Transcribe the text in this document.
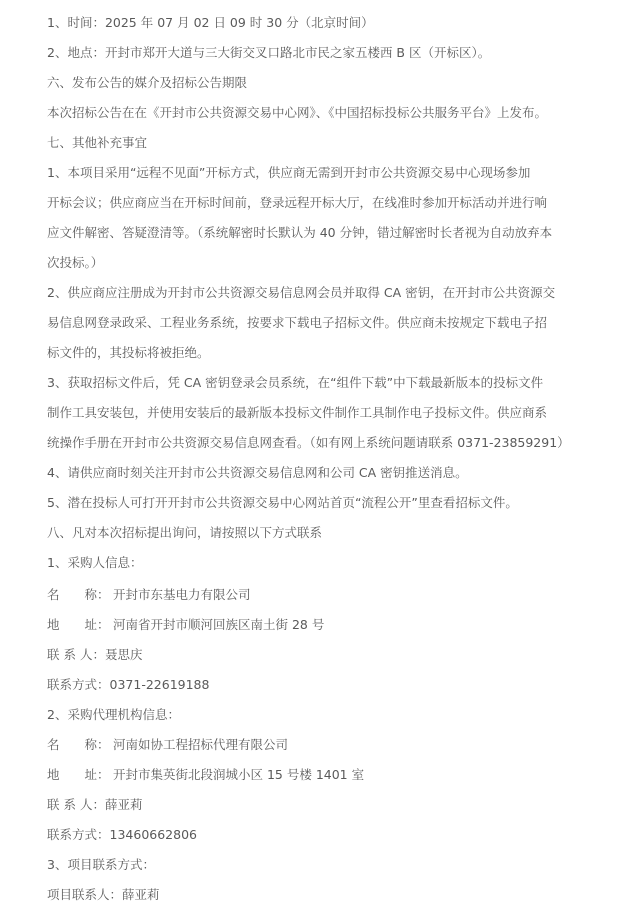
1、时间：2025 年 07 月 02 日 09 时 30 分（北京时间）
2、地点：开封市郑开大道与三大街交叉口路北市民之家五楼西 B 区（开标区）。
六、发布公告的媒介及招标公告期限
本次招标公告在在《开封市公共资源交易中心网》、《中国招标投标公共服务平台》上发布。
七、其他补充事宜
1、本项目采用“远程不见面”开标方式，供应商无需到开封市公共资源交易中心现场参加
开标会议；供应商应当在开标时间前，登录远程开标大厅，在线准时参加开标活动并进行响
应文件解密、答疑澄清等。（系统解密时长默认为 40 分钟，错过解密时长者视为自动放弃本
次投标。）
2、供应商应注册成为开封市公共资源交易信息网会员并取得 CA 密钥，在开封市公共资源交
易信息网登录政采、工程业务系统，按要求下载电子招标文件。供应商未按规定下载电子招
标文件的，其投标将被拒绝。
3、获取招标文件后，凭 CA 密钥登录会员系统，在“组件下载”中下载最新版本的投标文件
制作工具安装包，并使用安装后的最新版本投标文件制作工具制作电子投标文件。供应商系
统操作手册在开封市公共资源交易信息网查看。（如有网上系统问题请联系 0371-23859291）
4、请供应商时刻关注开封市公共资源交易信息网和公司 CA 密钥推送消息。
5、潜在投标人可打开开封市公共资源交易中心网站首页“流程公开”里查看招标文件。
八、凡对本次招标提出询问，请按照以下方式联系
1、采购人信息：
名　　称： 开封市东基电力有限公司
地　　址： 河南省开封市顺河回族区南土街 28 号
联 系 人：聂思庆
联系方式：0371-22619188
2、采购代理机构信息：
名　　称： 河南如协工程招标代理有限公司
地　　址： 开封市集英街北段润城小区 15 号楼 1401 室
联 系 人：薛亚莉
联系方式：13460662806
3、项目联系方式：
项目联系人：薛亚莉
